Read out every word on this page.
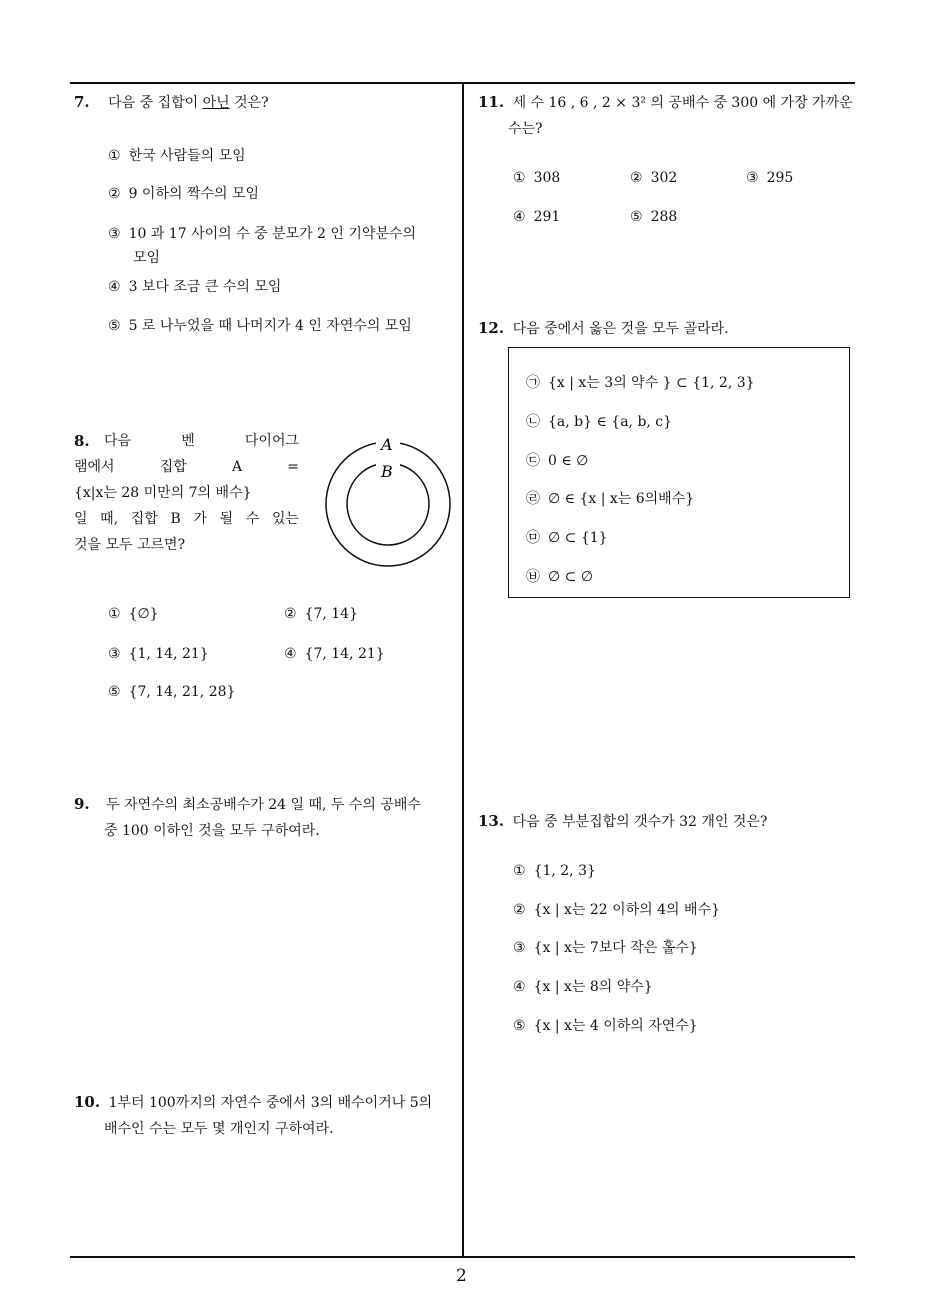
2
7. 다음 중 집합이 아닌 것은?
① 한국 사람들의 모임
② 9 이하의 짝수의 모임
③ 10 과 17 사이의 수 중 분모가 2 인 기약분수의
모임
④ 3 보다 조금 큰 수의 모임
⑤ 5 로 나누었을 때 나머지가 4 인 자연수의 모임
8. 다음 벤 다이어그
램에서 집합 A =
{x|x는 28 미만의 7의 배수}
일 때, 집합 B 가 될 수 있는
것을 모두 고르면?
A
B
① {∅}	② {7, 14}
③ {1, 14, 21}	④ {7, 14, 21}
⑤ {7, 14, 21, 28}
9. 두 자연수의 최소공배수가 24 일 때, 두 수의 공배수
중 100 이하인 것을 모두 구하여라.
10. 1부터 100까지의 자연수 중에서 3의 배수이거나 5의
배수인 수는 모두 몇 개인지 구하여라.
11. 세 수 16 , 6 , 2 × 3² 의 공배수 중 300 에 가장 가까운
수는?
① 308	② 302	③ 295
④ 291	⑤ 288
12. 다음 중에서 옳은 것을 모두 골라라.
㉠ {x | x는 3의 약수 } ⊂ {1, 2, 3}
㉡ {a, b} ∈ {a, b, c}
㉢ 0 ∈ ∅
㉣ ∅ ∈ {x | x는 6의배수}
㉤ ∅ ⊂ {1}
㉥ ∅ ⊂ ∅
13. 다음 중 부분집합의 갯수가 32 개인 것은?
① {1, 2, 3}
② {x | x는 22 이하의 4의 배수}
③ {x | x는 7보다 작은 홀수}
④ {x | x는 8의 약수}
⑤ {x | x는 4 이하의 자연수}
